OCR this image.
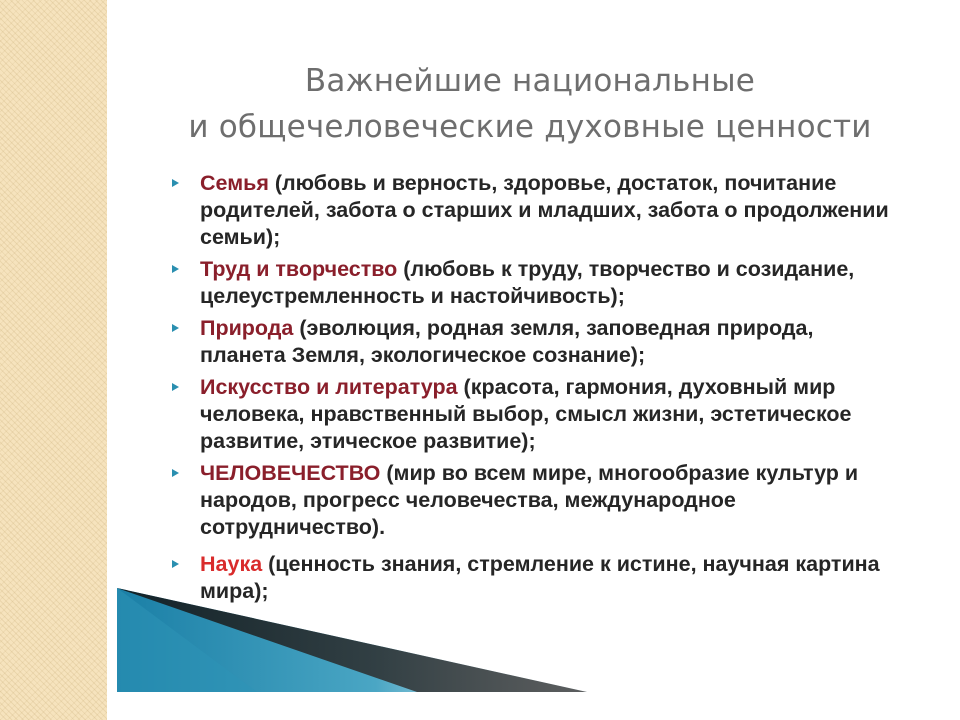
Важнейшие национальные
и общечеловеческие духовные ценности
Семья (любовь и верность, здоровье, достаток, почитание родителей, забота о старших и младших, забота о продолжении семьи);
Труд и творчество (любовь к труду, творчество и созидание, целеустремленность и настойчивость);
Природа (эволюция, родная земля, заповедная природа, планета Земля, экологическое сознание);
Искусство и литература (красота, гармония, духовный мир человека, нравственный выбор, смысл жизни, эстетическое развитие, этическое развитие);
ЧЕЛОВЕЧЕСТВО (мир во всем мире, многообразие культур и народов, прогресс человечества, международное сотрудничество).
Наука (ценность знания, стремление к истине, научная картина мира);
